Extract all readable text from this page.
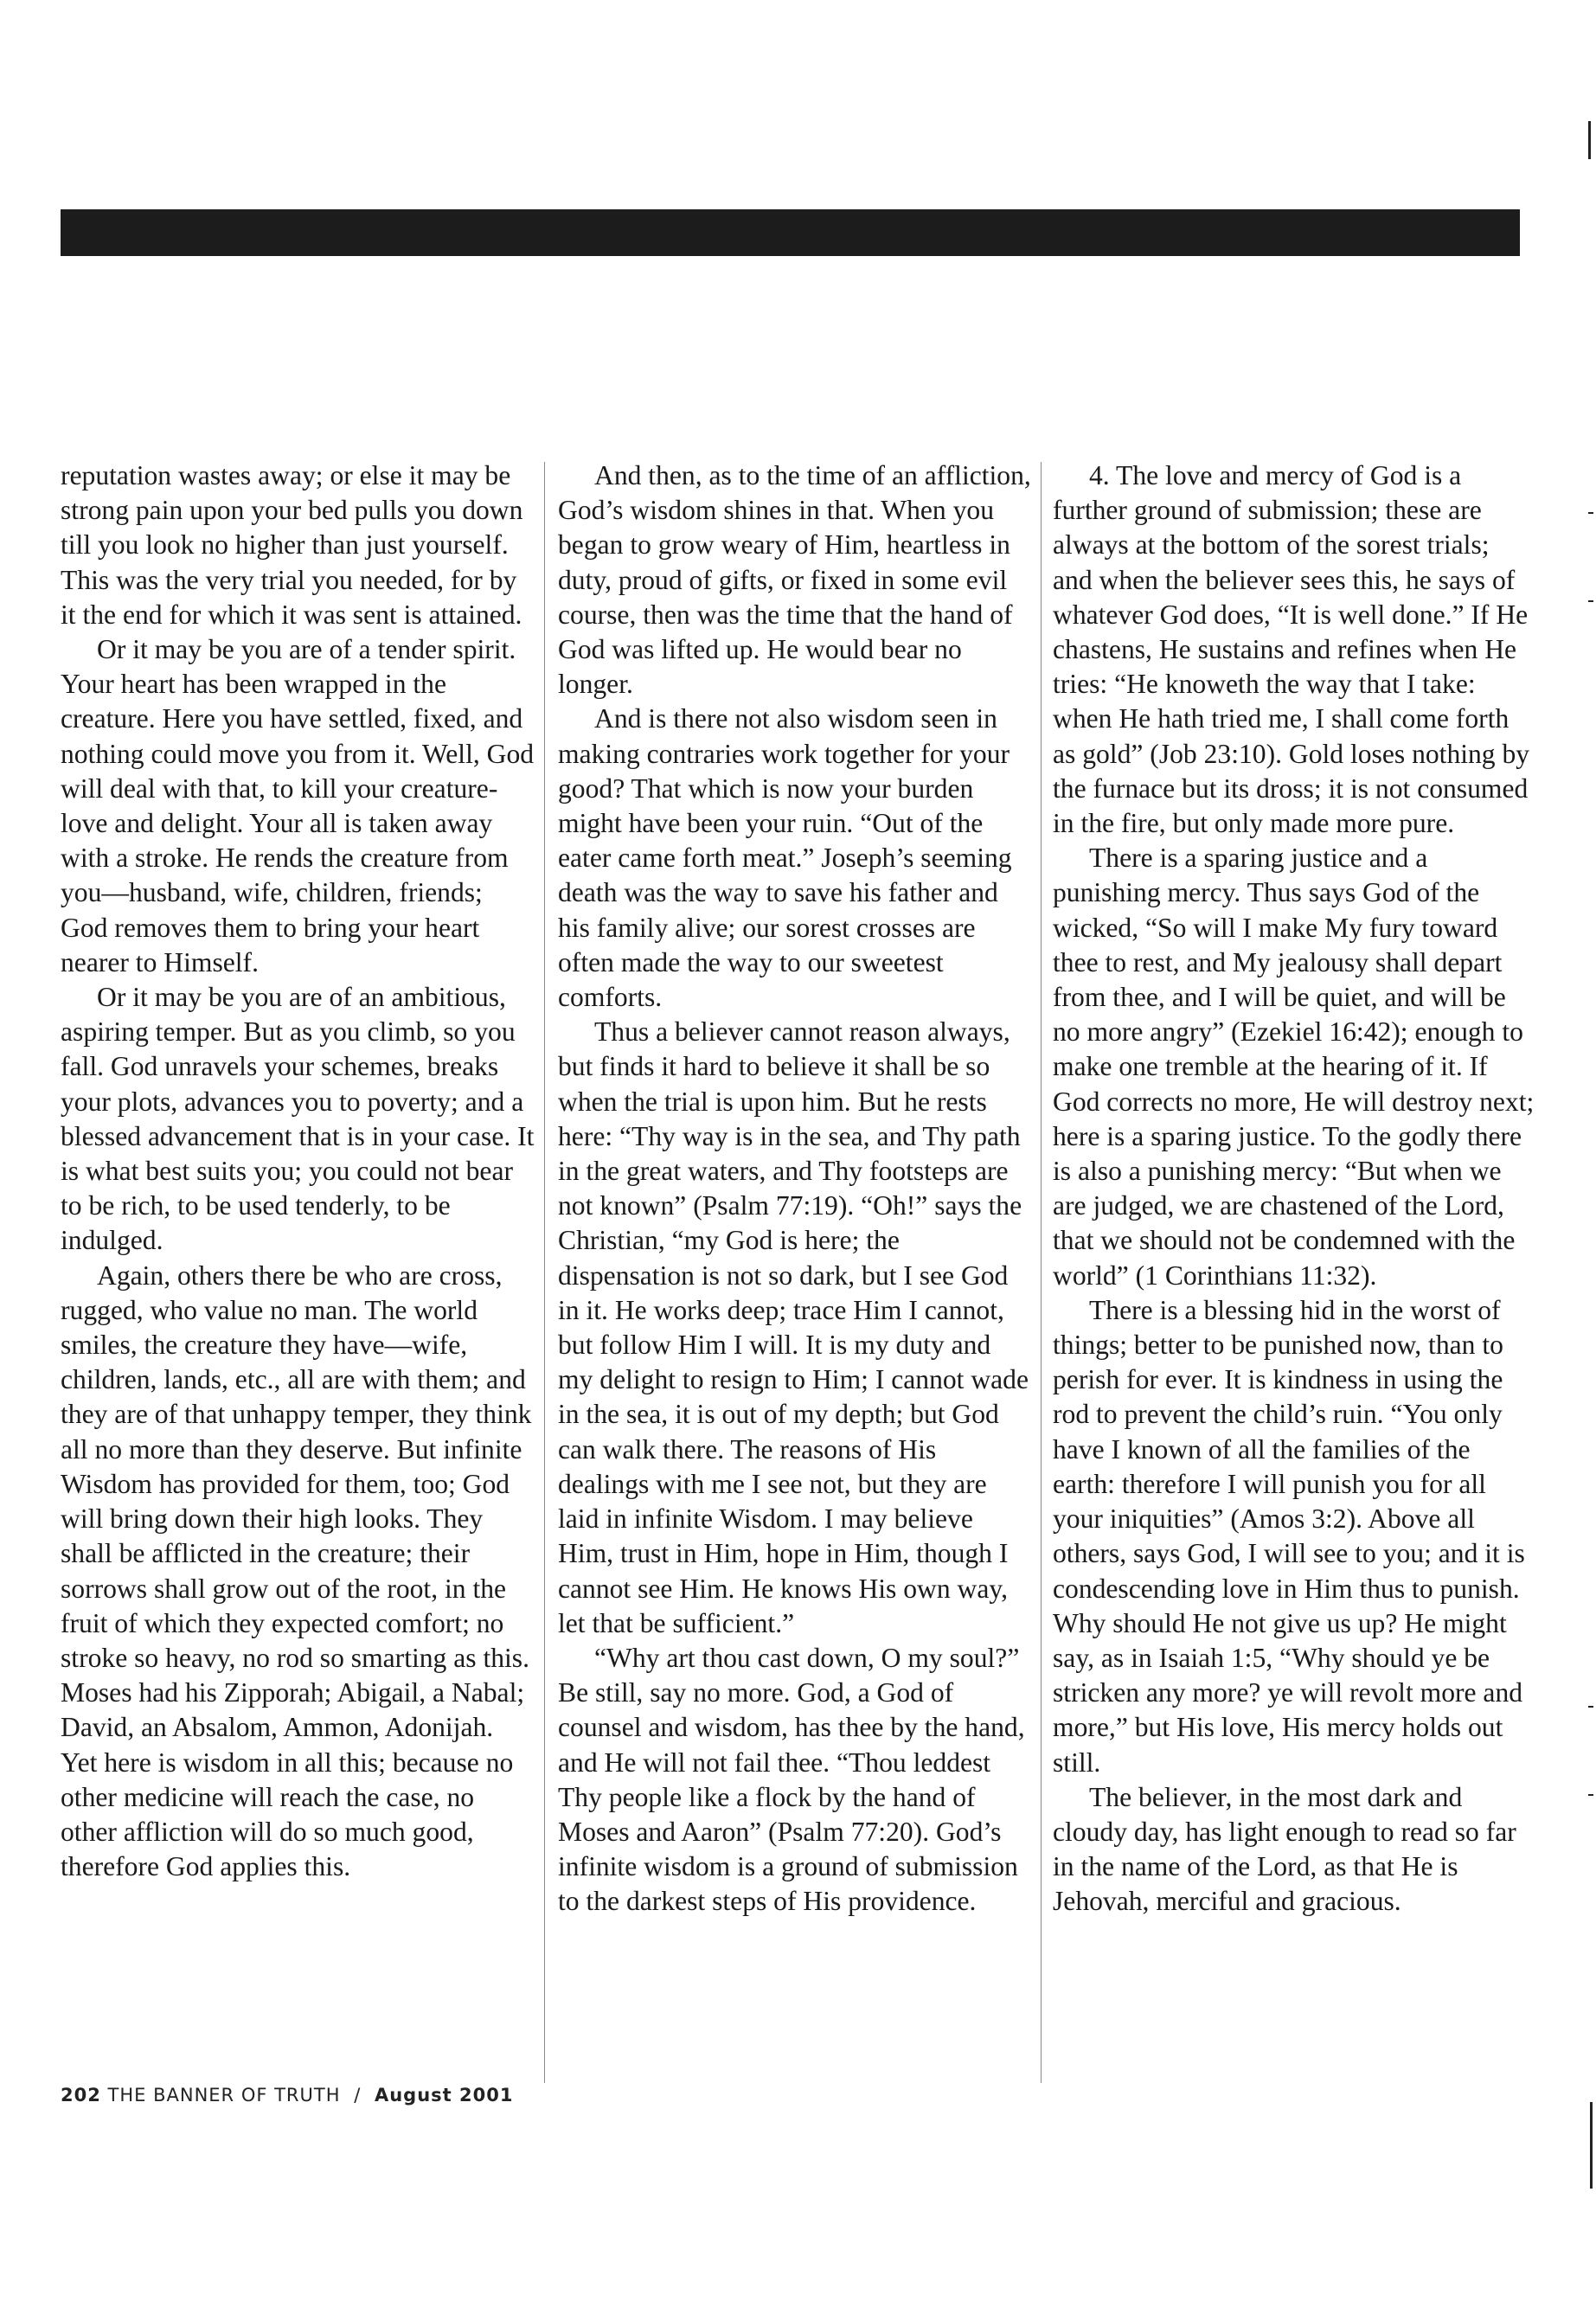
reputation wastes away; or else it may be strong pain upon your bed pulls you down till you look no higher than just yourself. This was the very trial you needed, for by it the end for which it was sent is attained.

Or it may be you are of a tender spirit. Your heart has been wrapped in the creature. Here you have settled, fixed, and nothing could move you from it. Well, God will deal with that, to kill your creature-love and delight. Your all is taken away with a stroke. He rends the creature from you—husband, wife, children, friends; God removes them to bring your heart nearer to Himself.

Or it may be you are of an ambitious, aspiring temper. But as you climb, so you fall. God unravels your schemes, breaks your plots, advances you to poverty; and a blessed advancement that is in your case. It is what best suits you; you could not bear to be rich, to be used tenderly, to be indulged.

Again, others there be who are cross, rugged, who value no man. The world smiles, the creature they have—wife, children, lands, etc., all are with them; and they are of that unhappy temper, they think all no more than they deserve. But infinite Wisdom has provided for them, too; God will bring down their high looks. They shall be afflicted in the creature; their sorrows shall grow out of the root, in the fruit of which they expected comfort; no stroke so heavy, no rod so smarting as this. Moses had his Zipporah; Abigail, a Nabal; David, an Absalom, Ammon, Adonijah. Yet here is wisdom in all this; because no other medicine will reach the case, no other affliction will do so much good, therefore God applies this.

And then, as to the time of an affliction, God’s wisdom shines in that. When you began to grow weary of Him, heartless in duty, proud of gifts, or fixed in some evil course, then was the time that the hand of God was lifted up. He would bear no longer.

And is there not also wisdom seen in making contraries work together for your good? That which is now your burden might have been your ruin. “Out of the eater came forth meat.” Joseph’s seeming death was the way to save his father and his family alive; our sorest crosses are often made the way to our sweetest comforts.

Thus a believer cannot reason always, but finds it hard to believe it shall be so when the trial is upon him. But he rests here: “Thy way is in the sea, and Thy path in the great waters, and Thy footsteps are not known” (Psalm 77:19). “Oh!” says the Christian, “my God is here; the dispensation is not so dark, but I see God in it. He works deep; trace Him I cannot, but follow Him I will. It is my duty and my delight to resign to Him; I cannot wade in the sea, it is out of my depth; but God can walk there. The reasons of His dealings with me I see not, but they are laid in infinite Wisdom. I may believe Him, trust in Him, hope in Him, though I cannot see Him. He knows His own way, let that be sufficient.”

“Why art thou cast down, O my soul?” Be still, say no more. God, a God of counsel and wisdom, has thee by the hand, and He will not fail thee. “Thou leddest Thy people like a flock by the hand of Moses and Aaron” (Psalm 77:20). God’s infinite wisdom is a ground of submission to the darkest steps of His providence.

4. The love and mercy of God is a further ground of submission; these are always at the bottom of the sorest trials; and when the believer sees this, he says of whatever God does, “It is well done.” If He chastens, He sustains and refines when He tries: “He knoweth the way that I take: when He hath tried me, I shall come forth as gold” (Job 23:10). Gold loses nothing by the furnace but its dross; it is not consumed in the fire, but only made more pure.

There is a sparing justice and a punishing mercy. Thus says God of the wicked, “So will I make My fury toward thee to rest, and My jealousy shall depart from thee, and I will be quiet, and will be no more angry” (Ezekiel 16:42); enough to make one tremble at the hearing of it. If God corrects no more, He will destroy next; here is a sparing justice. To the godly there is also a punishing mercy: “But when we are judged, we are chastened of the Lord, that we should not be condemned with the world” (1 Corinthians 11:32).

There is a blessing hid in the worst of things; better to be punished now, than to perish for ever. It is kindness in using the rod to prevent the child’s ruin. “You only have I known of all the families of the earth: therefore I will punish you for all your iniquities” (Amos 3:2). Above all others, says God, I will see to you; and it is condescending love in Him thus to punish. Why should He not give us up? He might say, as in Isaiah 1:5, “Why should ye be stricken any more? ye will revolt more and more,” but His love, His mercy holds out still.

The believer, in the most dark and cloudy day, has light enough to read so far in the name of the Lord, as that He is Jehovah, merciful and gracious.

202 THE BANNER OF TRUTH / August 2001
